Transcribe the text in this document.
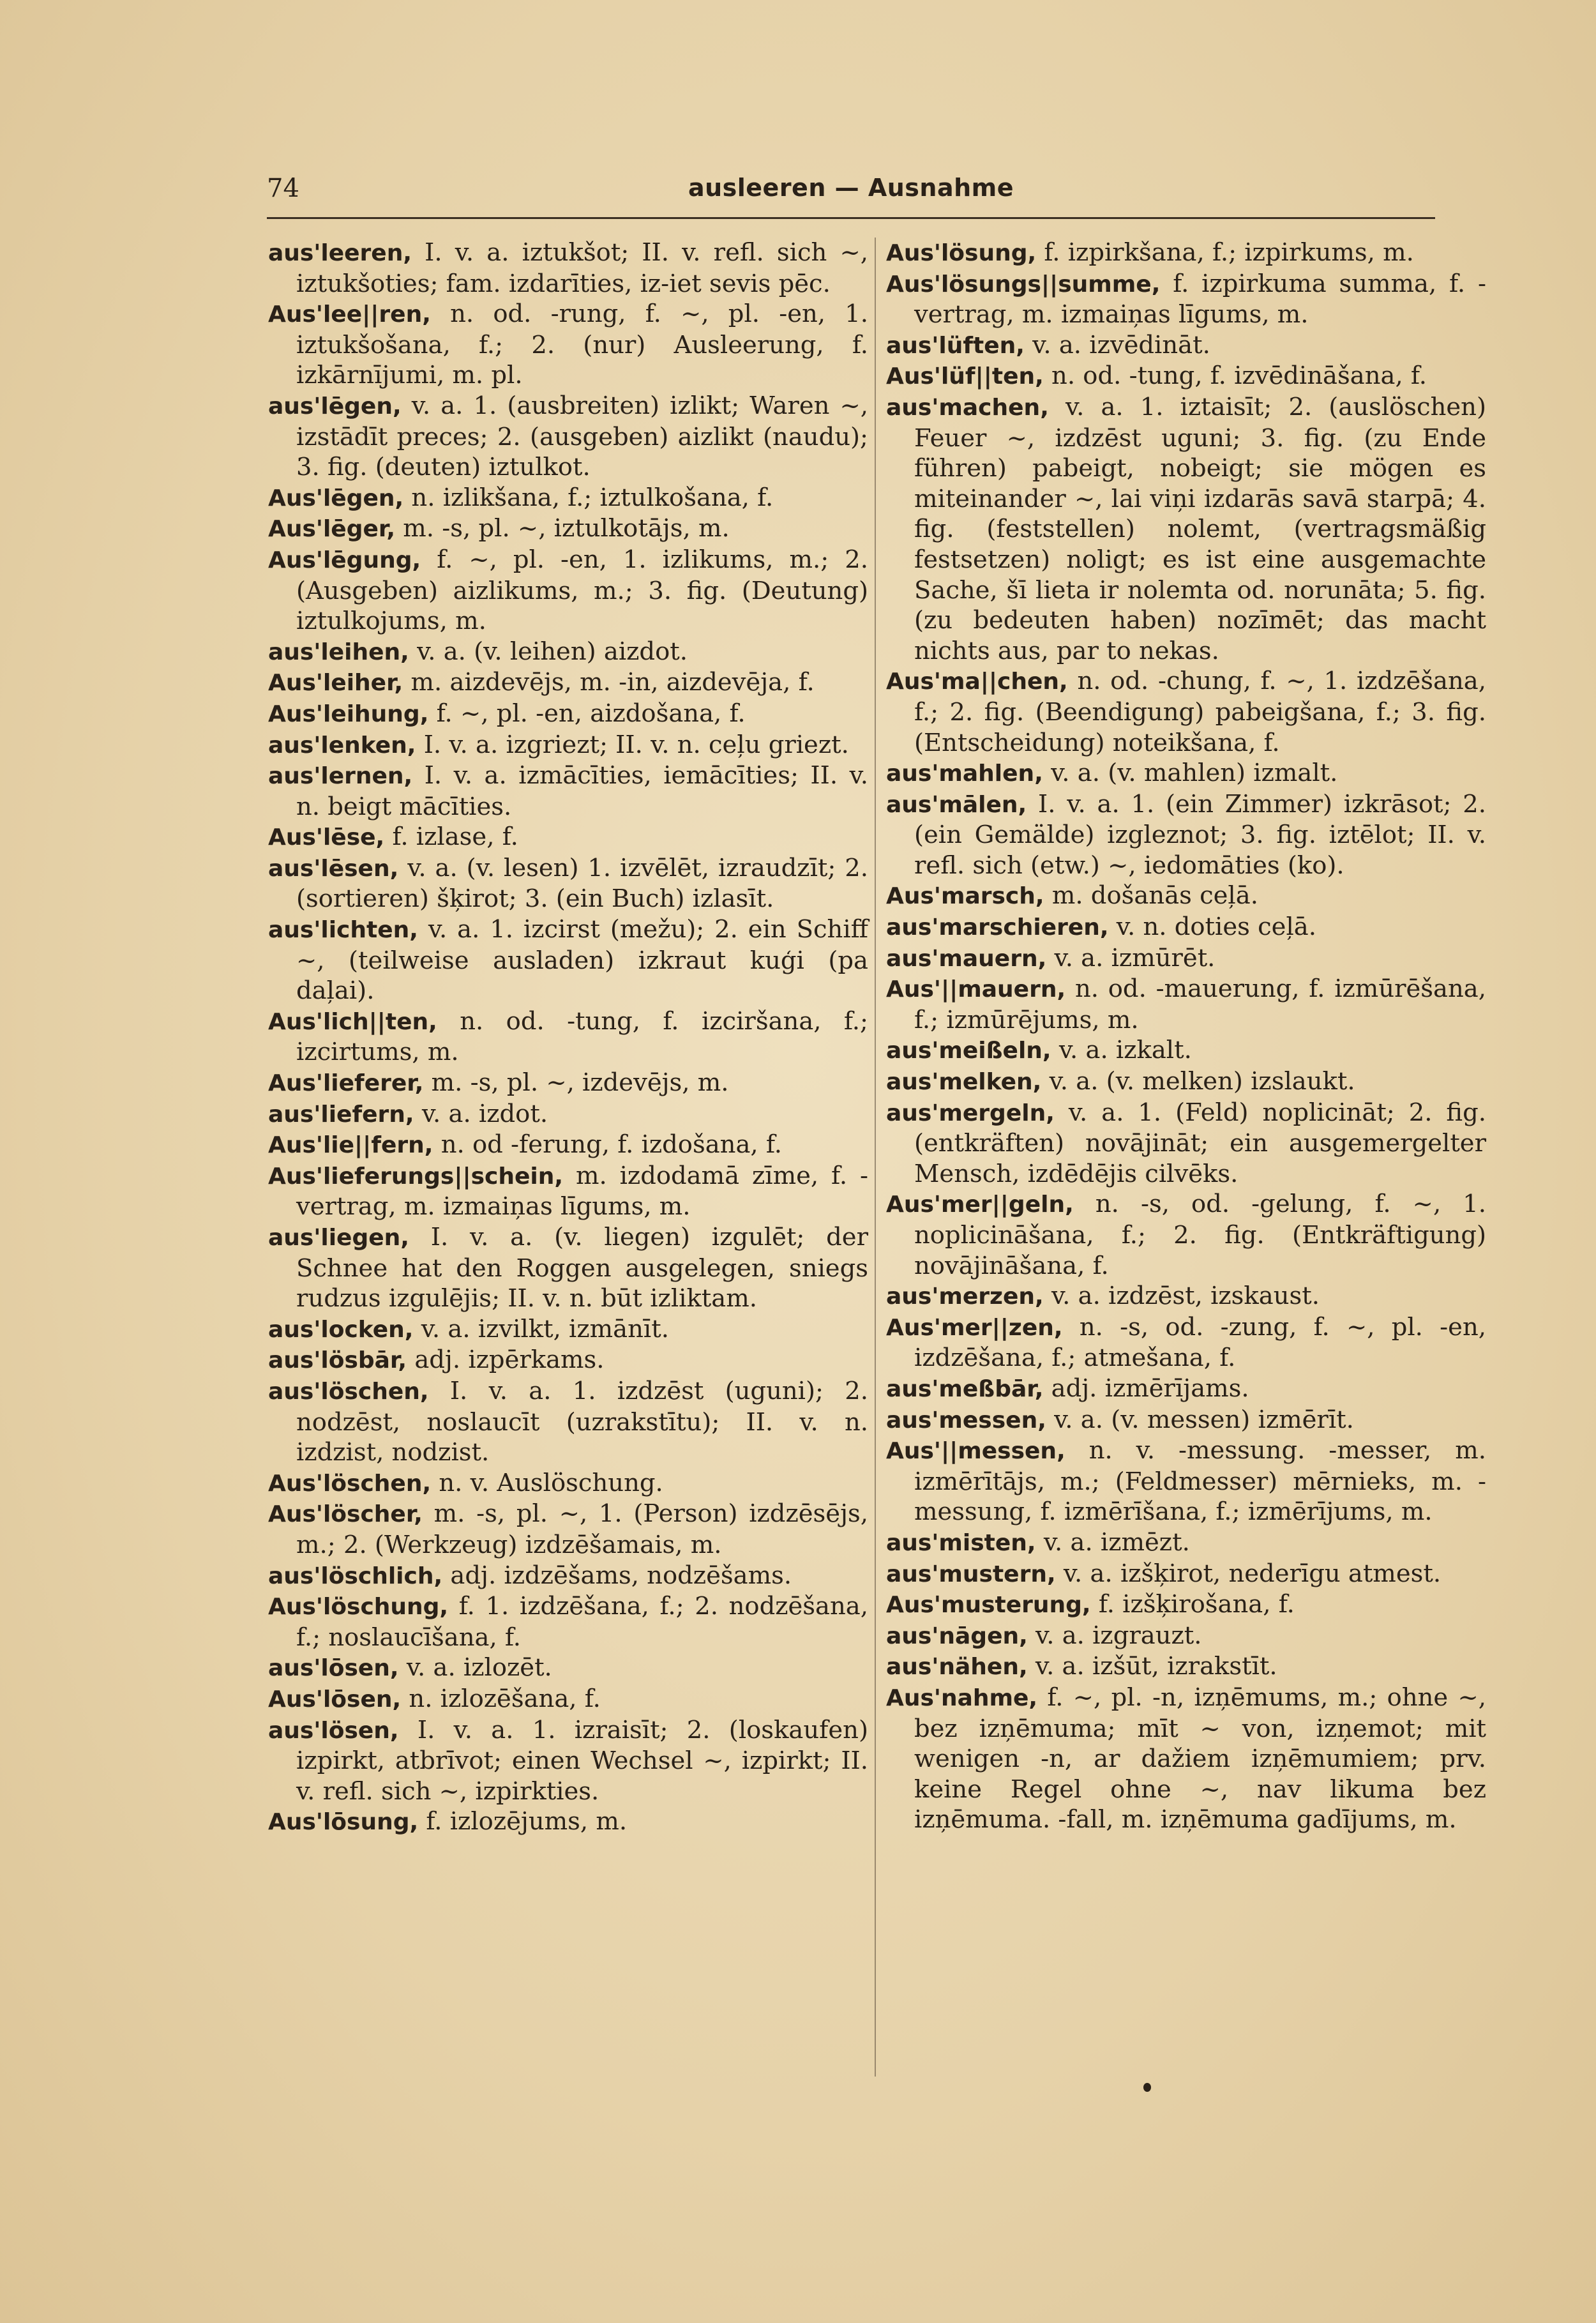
74	ausleeren — Ausnahme

aus'leeren, I. v. a. iztukšot; II. v. refl. sich ~, iztukšoties; fam. izdarīties, iz-iet sevis pēc.

Aus'lee||ren, n. od. -rung, f. ~, pl. -en, 1. iztukšošana, f.; 2. (nur) Ausleerung, f. izkārnījumi, m. pl.

aus'lēgen, v. a. 1. (ausbreiten) izlikt; Waren ~, izstādīt preces; 2. (ausgeben) aizlikt (naudu); 3. fig. (deuten) iztulkot.

Aus'lēgen, n. izlikšana, f.; iztulkošana, f.

Aus'lēger, m. -s, pl. ~, iztulkotājs, m.

Aus'lēgung, f. ~, pl. -en, 1. izlikums, m.; 2. (Ausgeben) aizlikums, m.; 3. fig. (Deutung) iztulkojums, m.

aus'leihen, v. a. (v. leihen) aizdot.

Aus'leiher, m. aizdevējs, m. -in, aizdevēja, f.

Aus'leihung, f. ~, pl. -en, aizdošana, f.

aus'lenken, I. v. a. izgriezt; II. v. n. ceļu griezt.

aus'lernen, I. v. a. izmācīties, iemācīties; II. v. n. beigt mācīties.

Aus'lēse, f. izlase, f.

aus'lēsen, v. a. (v. lesen) 1. izvēlēt, izraudzīt; 2. (sortieren) šķirot; 3. (ein Buch) izlasīt.

aus'lichten, v. a. 1. izcirst (mežu); 2. ein Schiff ~, (teilweise ausladen) izkraut kuģi (pa daļai).

Aus'lich||ten, n. od. -tung, f. izciršana, f.; izcirtums, m.

Aus'lieferer, m. -s, pl. ~, izdevējs, m.

aus'liefern, v. a. izdot.

Aus'lie||fern, n. od -ferung, f. izdošana, f.

Aus'lieferungs||schein, m. izdodamā zīme, f. -vertrag, m. izmaiņas līgums, m.

aus'liegen, I. v. a. (v. liegen) izgulēt; der Schnee hat den Roggen ausgelegen, sniegs rudzus izgulējis; II. v. n. būt izliktam.

aus'locken, v. a. izvilkt, izmānīt.

aus'lösbār, adj. izpērkams.

aus'löschen, I. v. a. 1. izdzēst (uguni); 2. nodzēst, noslaucīt (uzrakstītu); II. v. n. izdzist, nodzist.

Aus'löschen, n. v. Auslöschung.

Aus'löscher, m. -s, pl. ~, 1. (Person) izdzēsējs, m.; 2. (Werkzeug) izdzēšamais, m.

aus'löschlich, adj. izdzēšams, nodzēšams.

Aus'löschung, f. 1. izdzēšana, f.; 2. nodzēšana, f.; noslaucīšana, f.

aus'lōsen, v. a. izlozēt.

Aus'lōsen, n. izlozēšana, f.

aus'lösen, I. v. a. 1. izraisīt; 2. (loskaufen) izpirkt, atbrīvot; einen Wechsel ~, izpirkt; II. v. refl. sich ~, izpirkties.

Aus'lōsung, f. izlozējums, m.

Aus'lösung, f. izpirkšana, f.; izpirkums, m.

Aus'lösungs||summe, f. izpirkuma summa, f. -vertrag, m. izmaiņas līgums, m.

aus'lüften, v. a. izvēdināt.

Aus'lüf||ten, n. od. -tung, f. izvēdināšana, f.

aus'machen, v. a. 1. iztaisīt; 2. (auslöschen) Feuer ~, izdzēst uguni; 3. fig. (zu Ende führen) pabeigt, nobeigt; sie mögen es miteinander ~, lai viņi izdarās savā starpā; 4. fig. (feststellen) nolemt, (vertragsmäßig festsetzen) noligt; es ist eine ausgemachte Sache, šī lieta ir nolemta od. norunāta; 5. fig. (zu bedeuten haben) nozīmēt; das macht nichts aus, par to nekas.

Aus'ma||chen, n. od. -chung, f. ~, 1. izdzēšana, f.; 2. fig. (Beendigung) pabeigšana, f.; 3. fig. (Entscheidung) noteikšana, f.

aus'mahlen, v. a. (v. mahlen) izmalt.

aus'mālen, I. v. a. 1. (ein Zimmer) izkrāsot; 2. (ein Gemälde) izgleznot; 3. fig. iztēlot; II. v. refl. sich (etw.) ~, iedomāties (ko).

Aus'marsch, m. došanās ceļā.

aus'marschieren, v. n. doties ceļā.

aus'mauern, v. a. izmūrēt.

Aus'||mauern, n. od. -mauerung, f. izmūrēšana, f.; izmūrējums, m.

aus'meißeln, v. a. izkalt.

aus'melken, v. a. (v. melken) izslaukt.

aus'mergeln, v. a. 1. (Feld) noplicināt; 2. fig. (entkräften) novājināt; ein ausgemergelter Mensch, izdēdējis cilvēks.

Aus'mer||geln, n. -s, od. -gelung, f. ~, 1. noplicināšana, f.; 2. fig. (Entkräftigung) novājināšana, f.

aus'merzen, v. a. izdzēst, izskaust.

Aus'mer||zen, n. -s, od. -zung, f. ~, pl. -en, izdzēšana, f.; atmešana, f.

aus'meßbār, adj. izmērījams.

aus'messen, v. a. (v. messen) izmērīt.

Aus'||messen, n. v. -messung. -messer, m. izmērītājs, m.; (Feldmesser) mērnieks, m. -messung, f. izmērīšana, f.; izmērījums, m.

aus'misten, v. a. izmēzt.

aus'mustern, v. a. izšķirot, nederīgu atmest.

Aus'musterung, f. izšķirošana, f.

aus'nāgen, v. a. izgrauzt.

aus'nähen, v. a. izšūt, izrakstīt.

Aus'nahme, f. ~, pl. -n, izņēmums, m.; ohne ~, bez izņēmuma; mīt ~ von, izņemot; mit wenigen -n, ar dažiem izņēmumiem; prv. keine Regel ohne ~, nav likuma bez izņēmuma. -fall, m. izņēmuma gadījums, m.
